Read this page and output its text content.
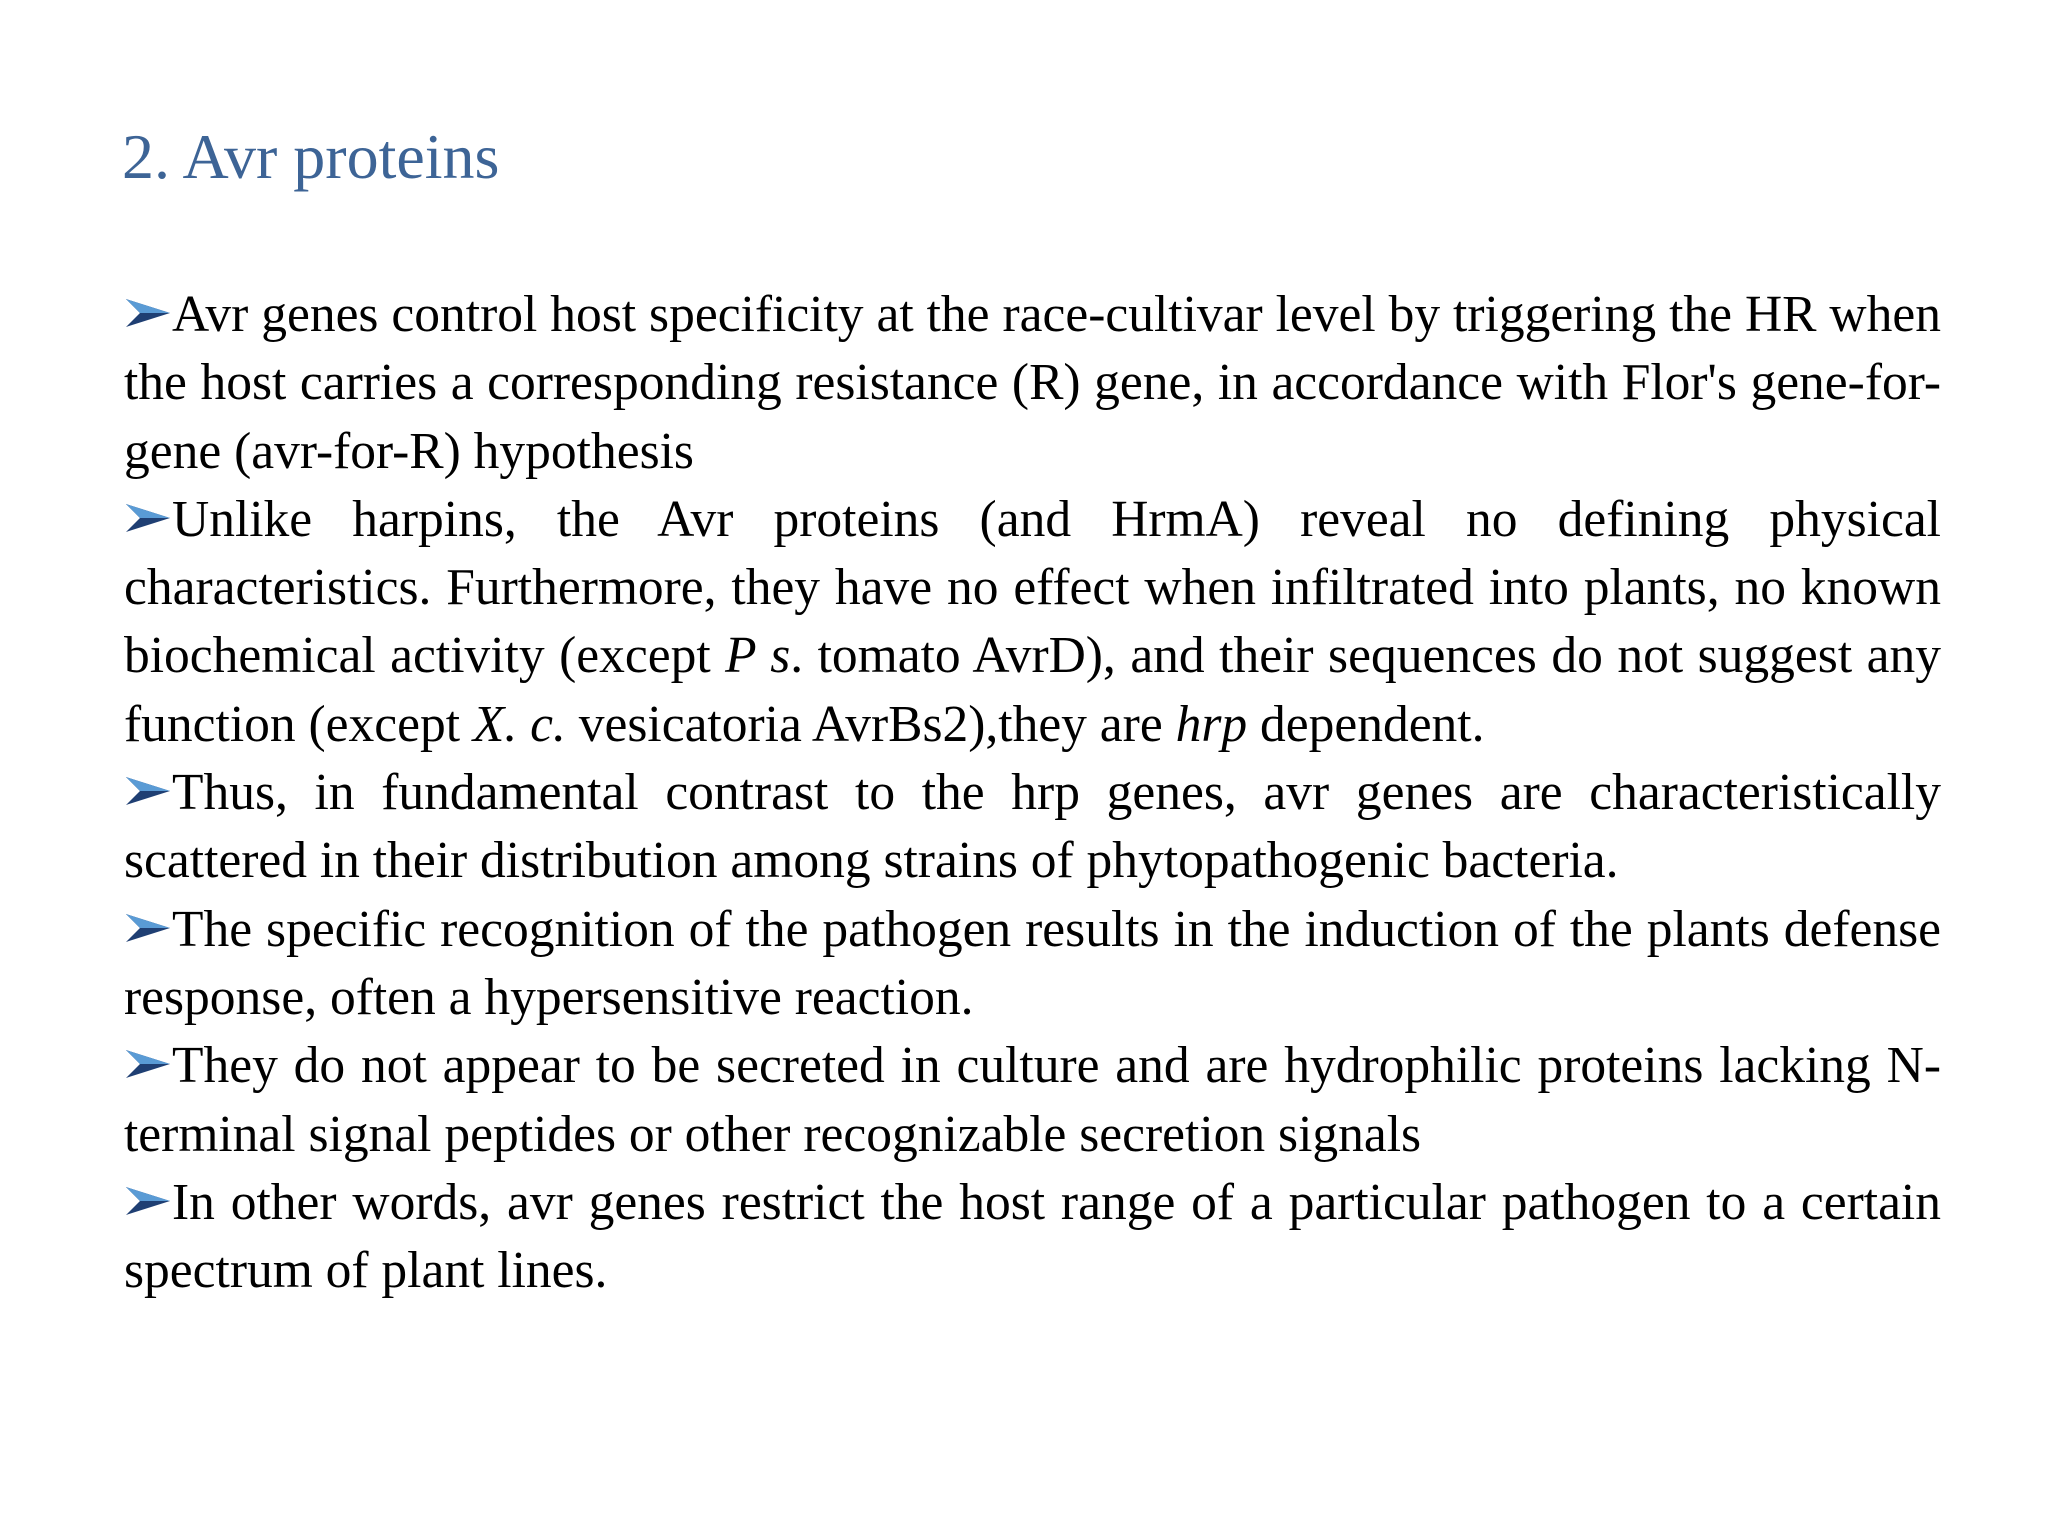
2. Avr proteins

Avr genes control host specificity at the race-cultivar level by triggering the HR when the host carries a corresponding resistance (R) gene, in accordance with Flor's gene-for-gene (avr-for-R) hypothesis

Unlike harpins, the Avr proteins (and HrmA) reveal no defining physical characteristics. Furthermore, they have no effect when infiltrated into plants, no known biochemical activity (except P s. tomato AvrD), and their sequences do not suggest any function (except X. c. vesicatoria AvrBs2),they are hrp dependent.

Thus, in fundamental contrast to the hrp genes, avr genes are characteristically scattered in their distribution among strains of phytopathogenic bacteria.

The specific recognition of the pathogen results in the induction of the plants defense response, often a hypersensitive reaction.

They do not appear to be secreted in culture and are hydrophilic proteins lacking N-terminal signal peptides or other recognizable secretion signals

In other words, avr genes restrict the host range of a particular pathogen to a certain spectrum of plant lines.
